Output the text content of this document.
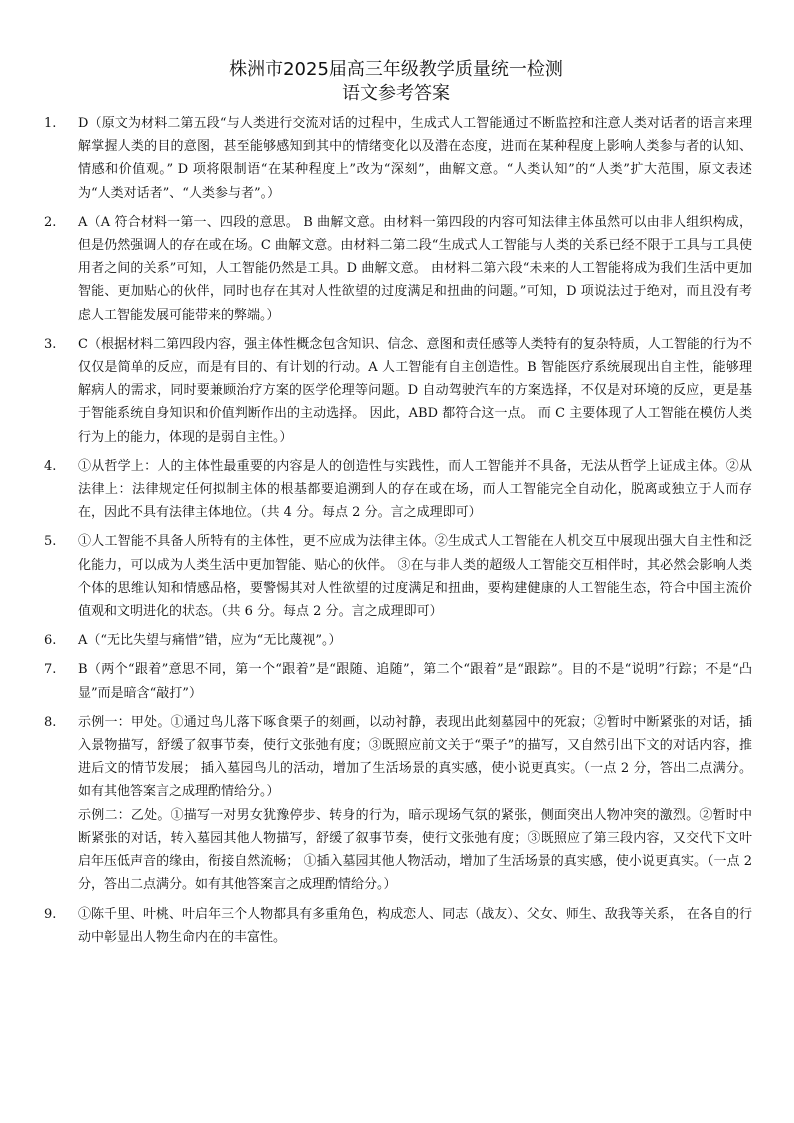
株洲市2025届高三年级教学质量统一检测

语文参考答案

1.	D（原文为材料二第五段“与人类进行交流对话的过程中，生成式人工智能通过不断监控和注意人类对话者的语言来理解掌握人类的目的意图，甚至能够感知到其中的情绪变化以及潜在态度，进而在某种程度上影响人类参与者的认知、情感和价值观。” D 项将限制语“在某种程度上”改为“深刻”，曲解文意。“人类认知”的“人类”扩大范围，原文表述为“人类对话者”、“人类参与者”。）

2.	A（A 符合材料一第一、四段的意思。 B 曲解文意。由材料一第四段的内容可知法律主体虽然可以由非人组织构成，但是仍然强调人的存在或在场。C 曲解文意。由材料二第二段“生成式人工智能与人类的关系已经不限于工具与工具使用者之间的关系”可知，人工智能仍然是工具。D 曲解文意。 由材料二第六段“未来的人工智能将成为我们生活中更加智能、更加贴心的伙伴，同时也存在其对人性欲望的过度满足和扭曲的问题。”可知，D 项说法过于绝对，而且没有考虑人工智能发展可能带来的弊端。）

3.	C（根据材料二第四段内容，强主体性概念包含知识、信念、意图和责任感等人类特有的复杂特质，人工智能的行为不仅仅是简单的反应，而是有目的、有计划的行动。A 人工智能有自主创造性。B 智能医疗系统展现出自主性，能够理解病人的需求，同时要兼顾治疗方案的医学伦理等问题。D 自动驾驶汽车的方案选择，不仅是对环境的反应，更是基于智能系统自身知识和价值判断作出的主动选择。 因此，ABD 都符合这一点。 而 C 主要体现了人工智能在模仿人类行为上的能力，体现的是弱自主性。）

4.	①从哲学上：人的主体性最重要的内容是人的创造性与实践性，而人工智能并不具备，无法从哲学上证成主体。②从法律上：法律规定任何拟制主体的根基都要追溯到人的存在或在场，而人工智能完全自动化，脱离或独立于人而存在，因此不具有法律主体地位。（共 4 分。每点 2 分。言之成理即可）

5.	①人工智能不具备人所特有的主体性，更不应成为法律主体。②生成式人工智能在人机交互中展现出强大自主性和泛化能力，可以成为人类生活中更加智能、贴心的伙伴。 ③在与非人类的超级人工智能交互相伴时，其必然会影响人类个体的思维认知和情感品格，要警惕其对人性欲望的过度满足和扭曲，要构建健康的人工智能生态，符合中国主流价值观和文明进化的状态。（共 6 分。每点 2 分。言之成理即可）

6.	A（“无比失望与痛惜”错，应为“无比蔑视”。）

7.	B（两个“跟着”意思不同，第一个“跟着”是“跟随、追随”，第二个“跟着”是“跟踪”。目的不是“说明”行踪；不是“凸显”而是暗含“敲打”）

8.	示例一：甲处。①通过鸟儿落下啄食栗子的刻画，以动衬静，表现出此刻墓园中的死寂；②暂时中断紧张的对话，插入景物描写，舒缓了叙事节奏，使行文张弛有度；③既照应前文关于“栗子”的描写，又自然引出下文的对话内容，推进后文的情节发展； 插入墓园鸟儿的活动，增加了生活场景的真实感，使小说更真实。（一点 2 分，答出二点满分。如有其他答案言之成理酌情给分。）

示例二：乙处。①描写一对男女犹豫停步、转身的行为，暗示现场气氛的紧张，侧面突出人物冲突的激烈。②暂时中断紧张的对话，转入墓园其他人物描写，舒缓了叙事节奏，使行文张弛有度；③既照应了第三段内容，又交代下文叶启年压低声音的缘由，衔接自然流畅； ①插入墓园其他人物活动，增加了生活场景的真实感，使小说更真实。（一点 2 分，答出二点满分。如有其他答案言之成理酌情给分。）

9.	①陈千里、叶桃、叶启年三个人物都具有多重角色，构成恋人、同志（战友）、父女、师生、敌我等关系， 在各自的行动中彰显出人物生命内在的丰富性。
